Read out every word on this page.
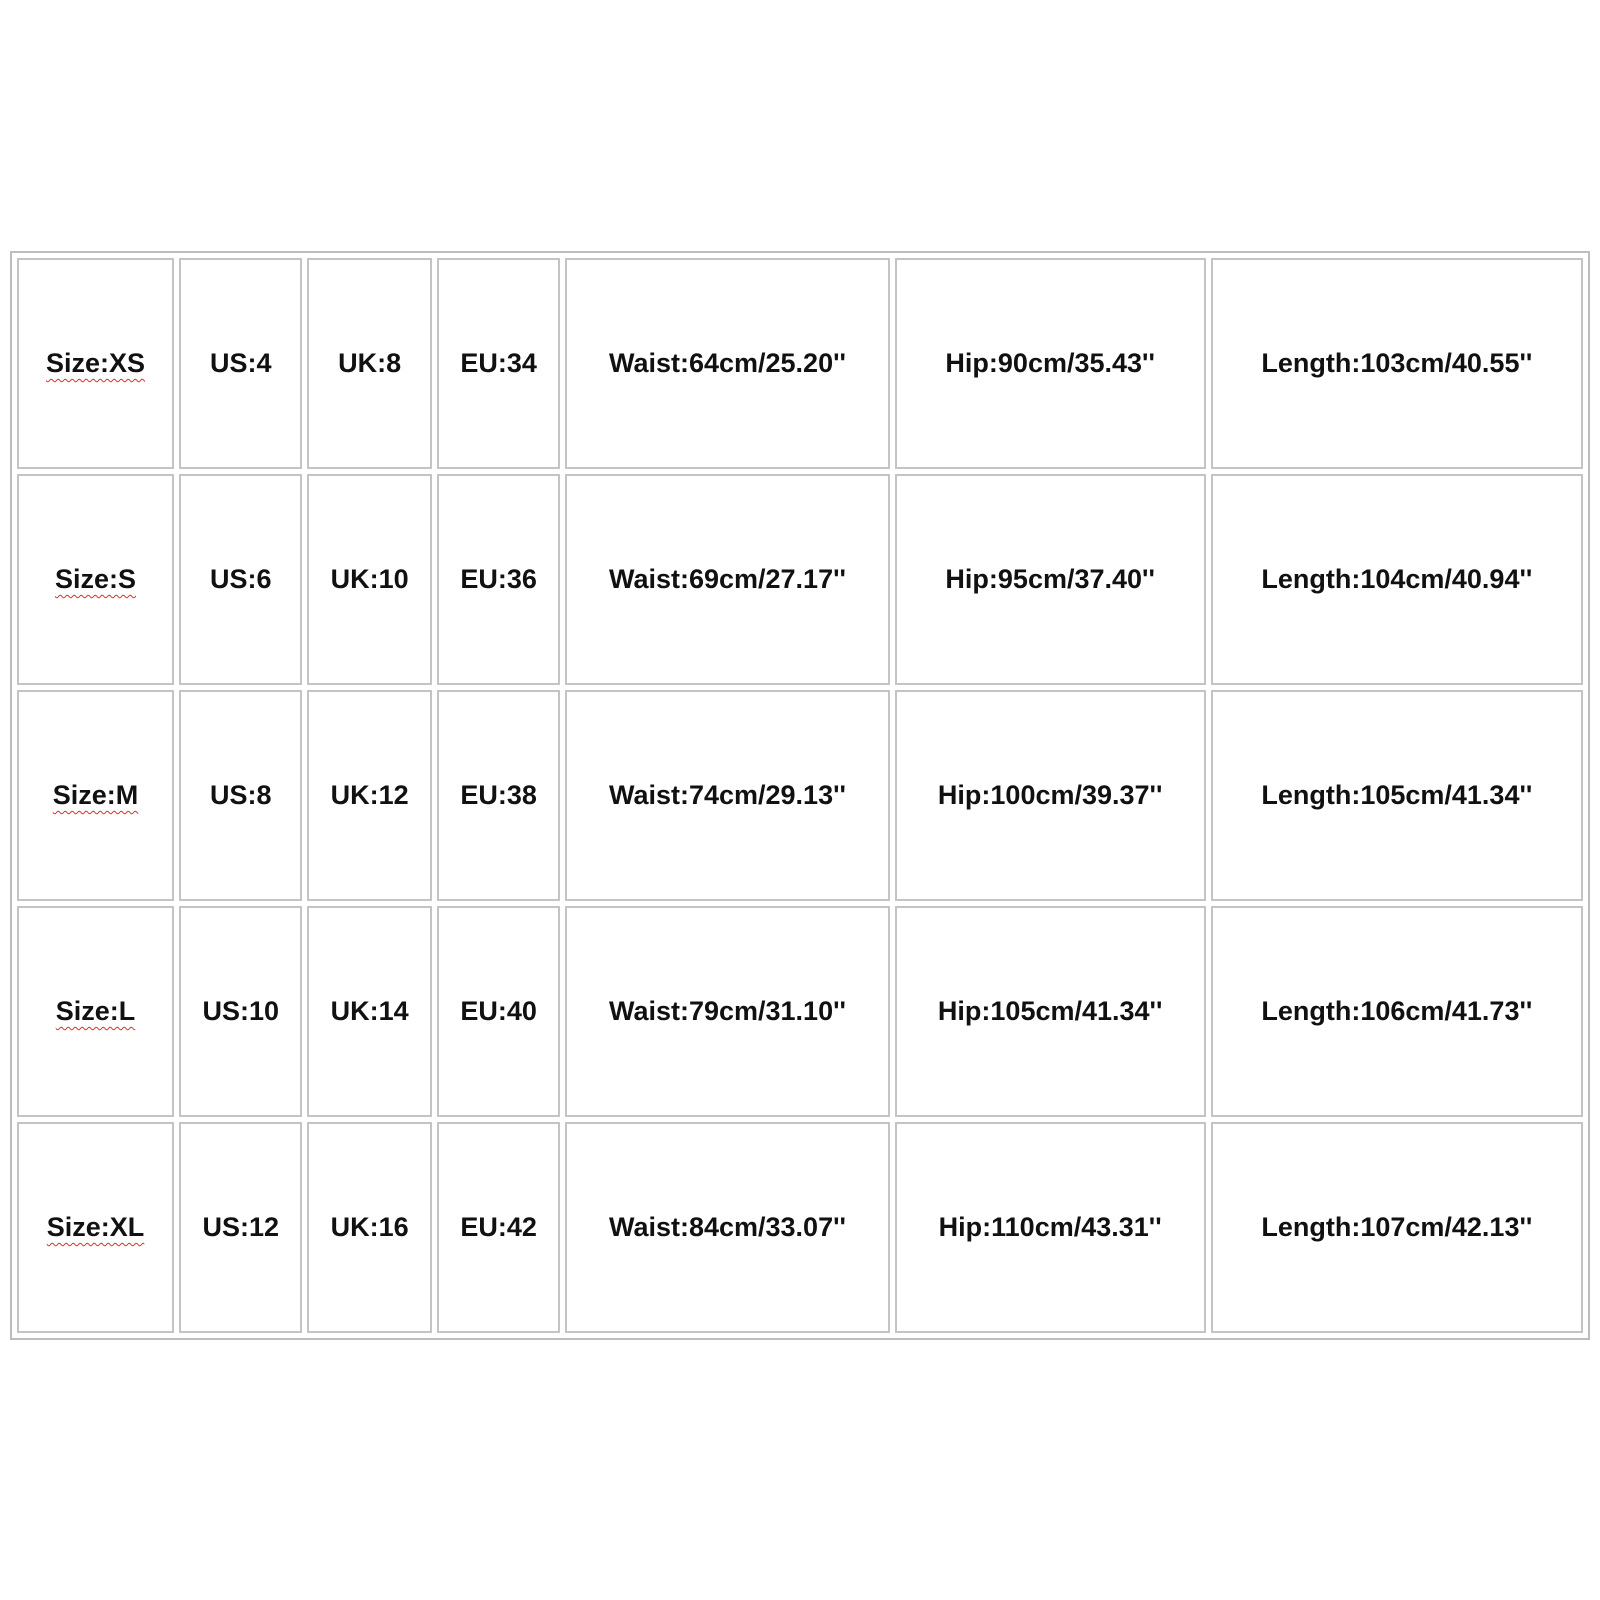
Size:XS	US:4	UK:8	EU:34	Waist:64cm/25.20''	Hip:90cm/35.43''	Length:103cm/40.55''
Size:S	US:6	UK:10	EU:36	Waist:69cm/27.17''	Hip:95cm/37.40''	Length:104cm/40.94''
Size:M	US:8	UK:12	EU:38	Waist:74cm/29.13''	Hip:100cm/39.37''	Length:105cm/41.34''
Size:L	US:10	UK:14	EU:40	Waist:79cm/31.10''	Hip:105cm/41.34''	Length:106cm/41.73''
Size:XL	US:12	UK:16	EU:42	Waist:84cm/33.07''	Hip:110cm/43.31''	Length:107cm/42.13''
